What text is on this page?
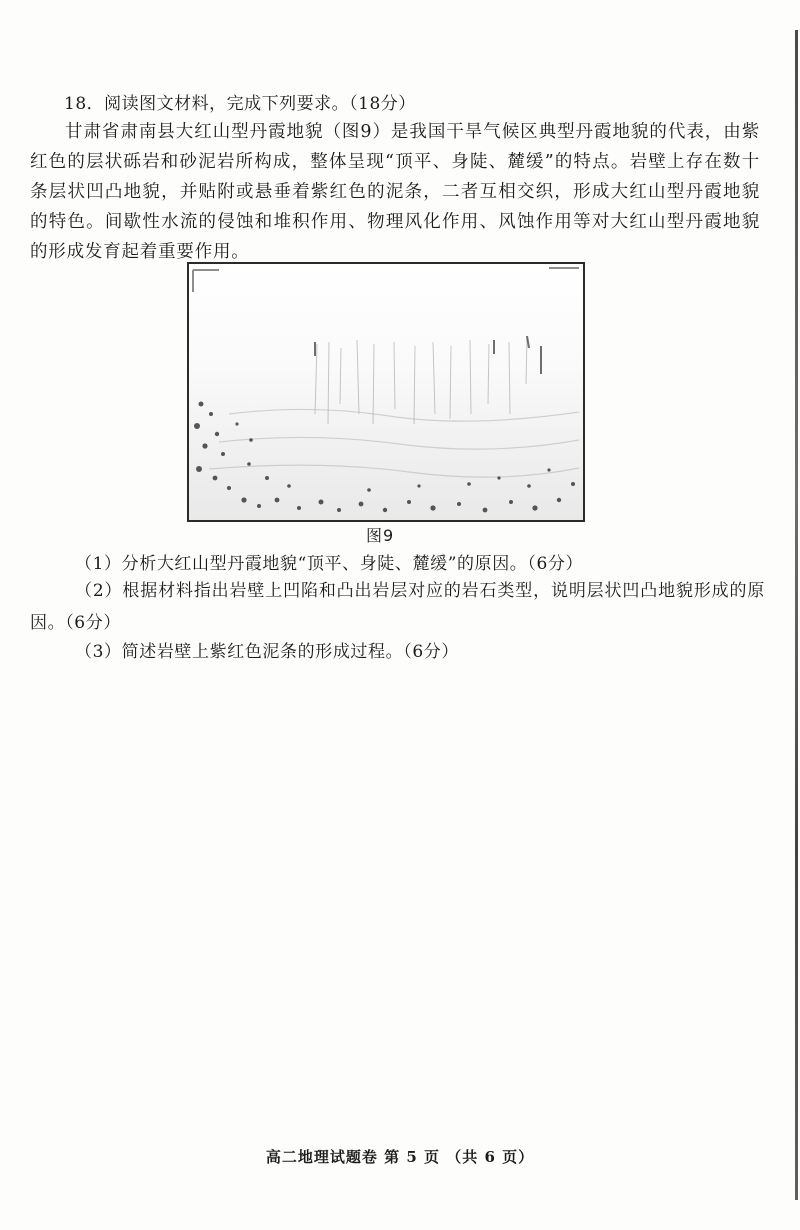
18．阅读图文材料，完成下列要求。（18分）
甘肃省肃南县大红山型丹霞地貌（图9）是我国干旱气候区典型丹霞地貌的代表，由紫红色的层状砾岩和砂泥岩所构成，整体呈现“顶平、身陡、麓缓”的特点。岩壁上存在数十条层状凹凸地貌，并贴附或悬垂着紫红色的泥条，二者互相交织，形成大红山型丹霞地貌的特色。间歇性水流的侵蚀和堆积作用、物理风化作用、风蚀作用等对大红山型丹霞地貌的形成发育起着重要作用。
图9
（1）分析大红山型丹霞地貌“顶平、身陡、麓缓”的原因。（6分）
（2）根据材料指出岩壁上凹陷和凸出岩层对应的岩石类型，说明层状凹凸地貌形成的原因。（6分）
（3）简述岩壁上紫红色泥条的形成过程。（6分）
高二地理试题卷 第 5 页 （共 6 页）
